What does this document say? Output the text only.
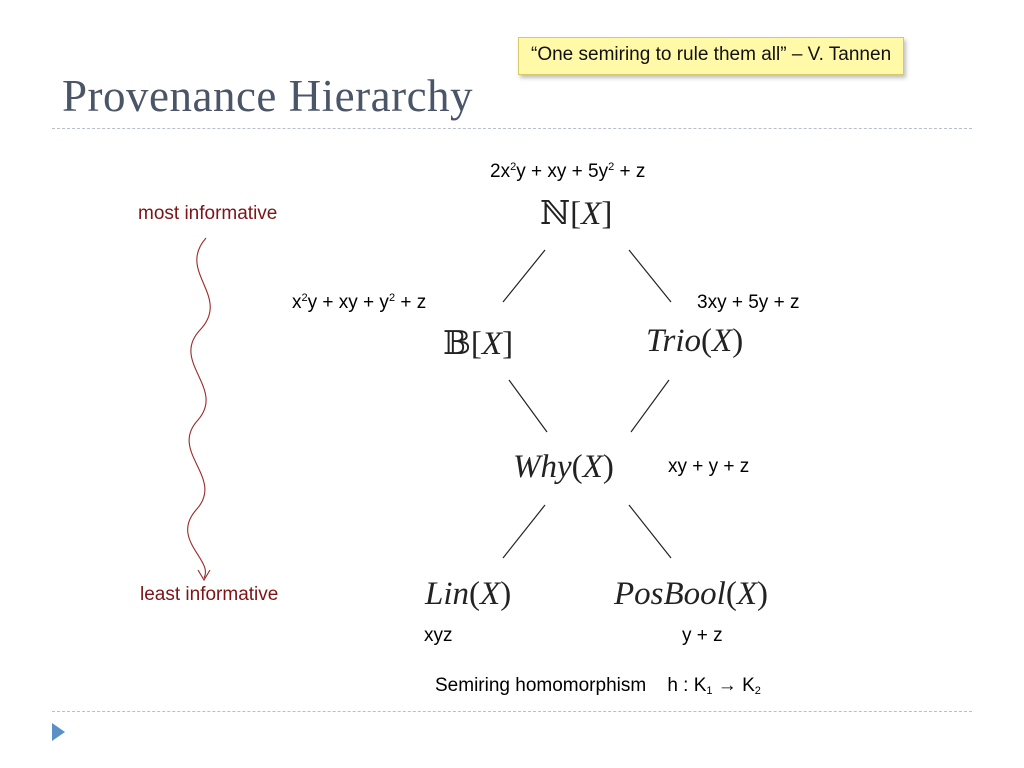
“One semiring to rule them all” – V. Tannen
Provenance Hierarchy
most informative
least informative
$2x^2y$ + xy + $5y^2 + z$
ℕ[X]
$x^2y$ + xy + $y^2 + z$
𝔹[X]
3xy + 5y + z
Trio(X)
Why(X)	xy + y + z
Lin(X)
xyz
PosBool(X)
y + z
Semiring homomorphism h : $K_1 \to K_2$
